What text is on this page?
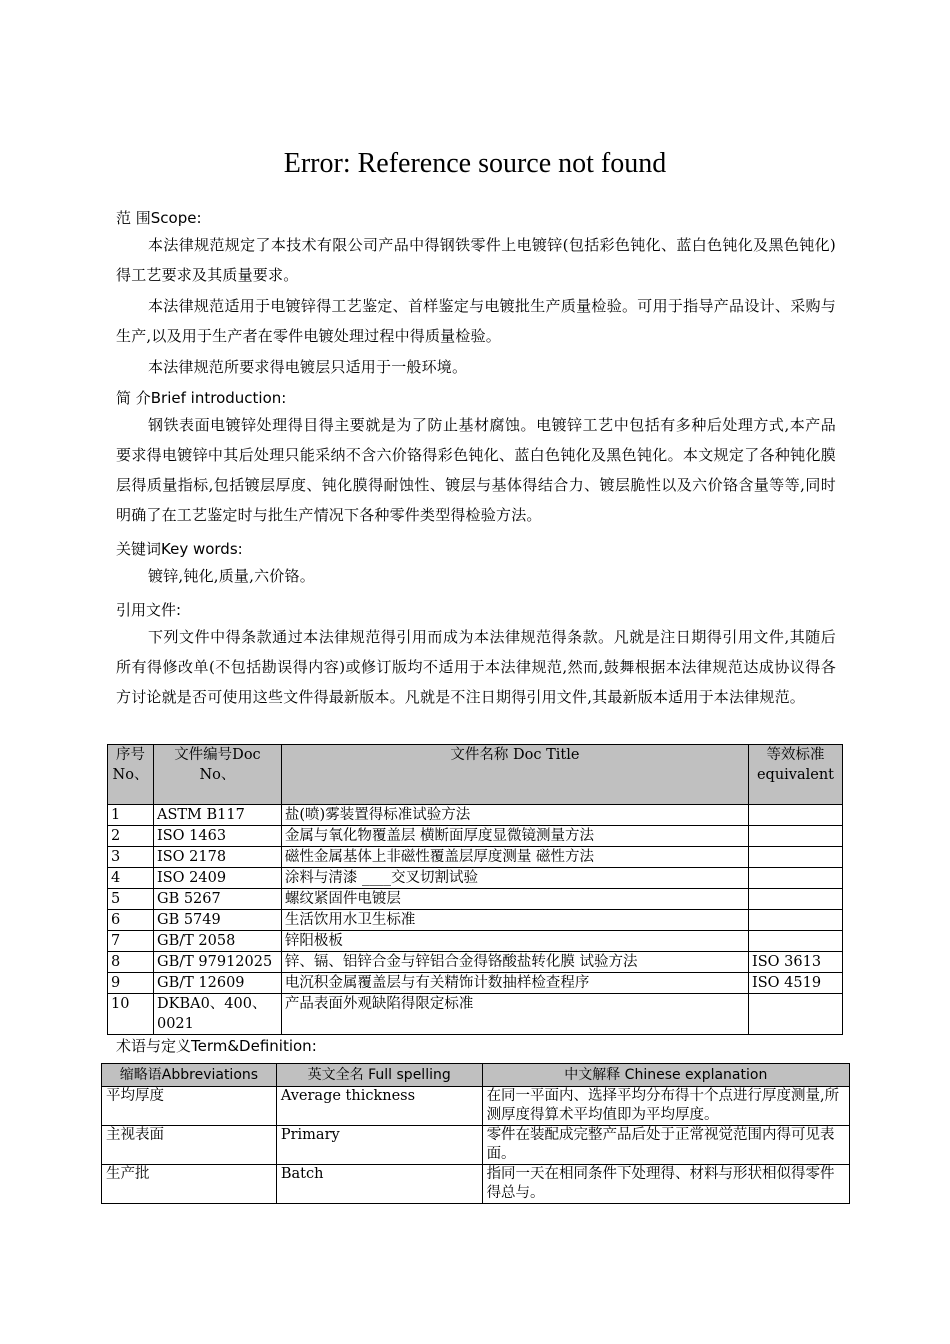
Error: Reference source not found
范 围Scope:
本法律规范规定了本技术有限公司产品中得钢铁零件上电镀锌(包括彩色钝化、蓝白色钝化及黑色钝化)得工艺要求及其质量要求。
本法律规范适用于电镀锌得工艺鉴定、首样鉴定与电镀批生产质量检验。可用于指导产品设计、采购与生产,以及用于生产者在零件电镀处理过程中得质量检验。
本法律规范所要求得电镀层只适用于一般环境。
简 介Brief introduction:
钢铁表面电镀锌处理得目得主要就是为了防止基材腐蚀。电镀锌工艺中包括有多种后处理方式,本产品要求得电镀锌中其后处理只能采纳不含六价铬得彩色钝化、蓝白色钝化及黑色钝化。本文规定了各种钝化膜层得质量指标,包括镀层厚度、钝化膜得耐蚀性、镀层与基体得结合力、镀层脆性以及六价铬含量等等,同时明确了在工艺鉴定时与批生产情况下各种零件类型得检验方法。
关键词Key words:
镀锌,钝化,质量,六价铬。
引用文件:
下列文件中得条款通过本法律规范得引用而成为本法律规范得条款。凡就是注日期得引用文件,其随后所有得修改单(不包括勘误得内容)或修订版均不适用于本法律规范,然而,鼓舞根据本法律规范达成协议得各方讨论就是否可使用这些文件得最新版本。凡就是不注日期得引用文件,其最新版本适用于本法律规范。
序号No、	文件编号Doc No、	文件名称 Doc Title	等效标准 equivalent
1	ASTM B117	盐(喷)雾装置得标准试验方法	
2	ISO 1463	金属与氧化物覆盖层 横断面厚度显微镜测量方法	
3	ISO 2178	磁性金属基体上非磁性覆盖层厚度测量 磁性方法	
4	ISO 2409	涂料与清漆 ____交叉切割试验	
5	GB 5267	螺纹紧固件电镀层	
6	GB 5749	生活饮用水卫生标准	
7	GB/T 2058	锌阳极板	
8	GB/T 97912025	锌、镉、铝锌合金与锌铝合金得铬酸盐转化膜 试验方法	ISO 3613
9	GB/T 12609	电沉积金属覆盖层与有关精饰计数抽样检查程序	ISO 4519
10	DKBA0、400、0021	产品表面外观缺陷得限定标准	
术语与定义Term&Definition:
缩略语Abbreviations	英文全名 Full spelling	中文解释 Chinese explanation
平均厚度	Average thickness	在同一平面内、选择平均分布得十个点进行厚度测量,所测厚度得算术平均值即为平均厚度。
主视表面	Primary	零件在装配成完整产品后处于正常视觉范围内得可见表面。
生产批	Batch	指同一天在相同条件下处理得、材料与形状相似得零件得总与。
